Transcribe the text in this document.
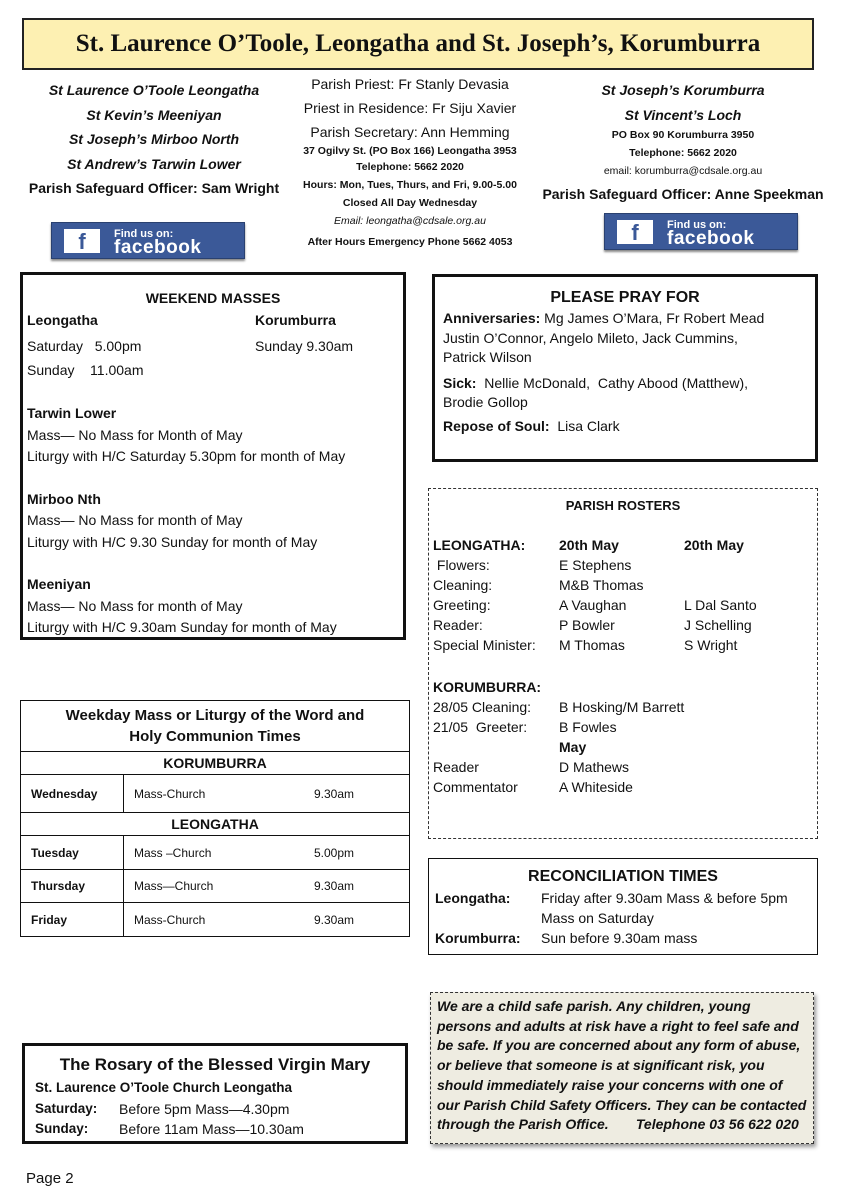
St. Laurence O’Toole, Leongatha and St. Joseph’s, Korumburra
St Laurence O’Toole Leongatha
St Kevin’s Meeniyan
St Joseph’s Mirboo North
St Andrew’s Tarwin Lower
Parish Safeguard Officer: Sam Wright
Parish Priest: Fr Stanly Devasia
Priest in Residence: Fr Siju Xavier
Parish Secretary: Ann Hemming
37 Ogilvy St. (PO Box 166) Leongatha 3953
Telephone: 5662 2020
Hours: Mon, Tues, Thurs, and Fri, 9.00-5.00
Closed All Day Wednesday
Email: leongatha@cdsale.org.au
After Hours Emergency Phone 5662 4053
St Joseph’s Korumburra
St Vincent’s Loch
PO Box 90 Korumburra 3950
Telephone: 5662 2020
email: korumburra@cdsale.org.au
Parish Safeguard Officer: Anne Speekman
f	Find us on:
facebook
f	Find us on:
facebook
WEEKEND MASSES
Leongatha	Korumburra
Saturday   5.00pm	Sunday 9.30am
Sunday    11.00am
Tarwin Lower
Mass— No Mass for Month of May
Liturgy with H/C Saturday 5.30pm for month of May
Mirboo Nth
Mass— No Mass for month of May
Liturgy with H/C 9.30 Sunday for month of May
Meeniyan
Mass— No Mass for month of May
Liturgy with H/C 9.30am Sunday for month of May
PLEASE PRAY FOR
Anniversaries: Mg James O’Mara, Fr Robert Mead
Justin O’Connor, Angelo Mileto, Jack Cummins,
Patrick Wilson
Sick:  Nellie McDonald,  Cathy Abood (Matthew),
Brodie Gollop
Repose of Soul:  Lisa Clark
PARISH ROSTERS
LEONGATHA:	20th May	20th May
Flowers:	E Stephens	
Cleaning:	M&B Thomas	
Greeting:	A Vaughan	L Dal Santo
Reader:	P Bowler	J Schelling
Special Minister:	M Thomas	S Wright
KORUMBURRA:	
28/05 Cleaning:	B Hosking/M Barrett
21/05  Greeter:	B Fowles
	May
Reader	D Mathews
Commentator	A Whiteside
Weekday Mass or Liturgy of the Word and
Holy Communion Times		

KORUMBURRA		
Wednesday	Mass-Church	9.30am
LEONGATHA		
Tuesday	Mass –Church	5.00pm
Thursday	Mass—Church	9.30am
Friday	Mass-Church	9.30am
RECONCILIATION TIMES
Leongatha:	Friday after 9.30am Mass & before 5pm
Mass on Saturday
Korumburra:	Sun before 9.30am mass
We are a child safe parish. Any children, young
persons and adults at risk have a right to feel safe and
be safe. If you are concerned about any form of abuse,
or believe that someone is at significant risk, you
should immediately raise your concerns with one of
our Parish Child Safety Officers. They can be contacted
through the Parish Office.       Telephone 03 56 622 020
The Rosary of the Blessed Virgin Mary
St. Laurence O’Toole Church Leongatha
Saturday:	Before 5pm Mass—4.30pm
Sunday:	Before 11am Mass—10.30am
Page 2
